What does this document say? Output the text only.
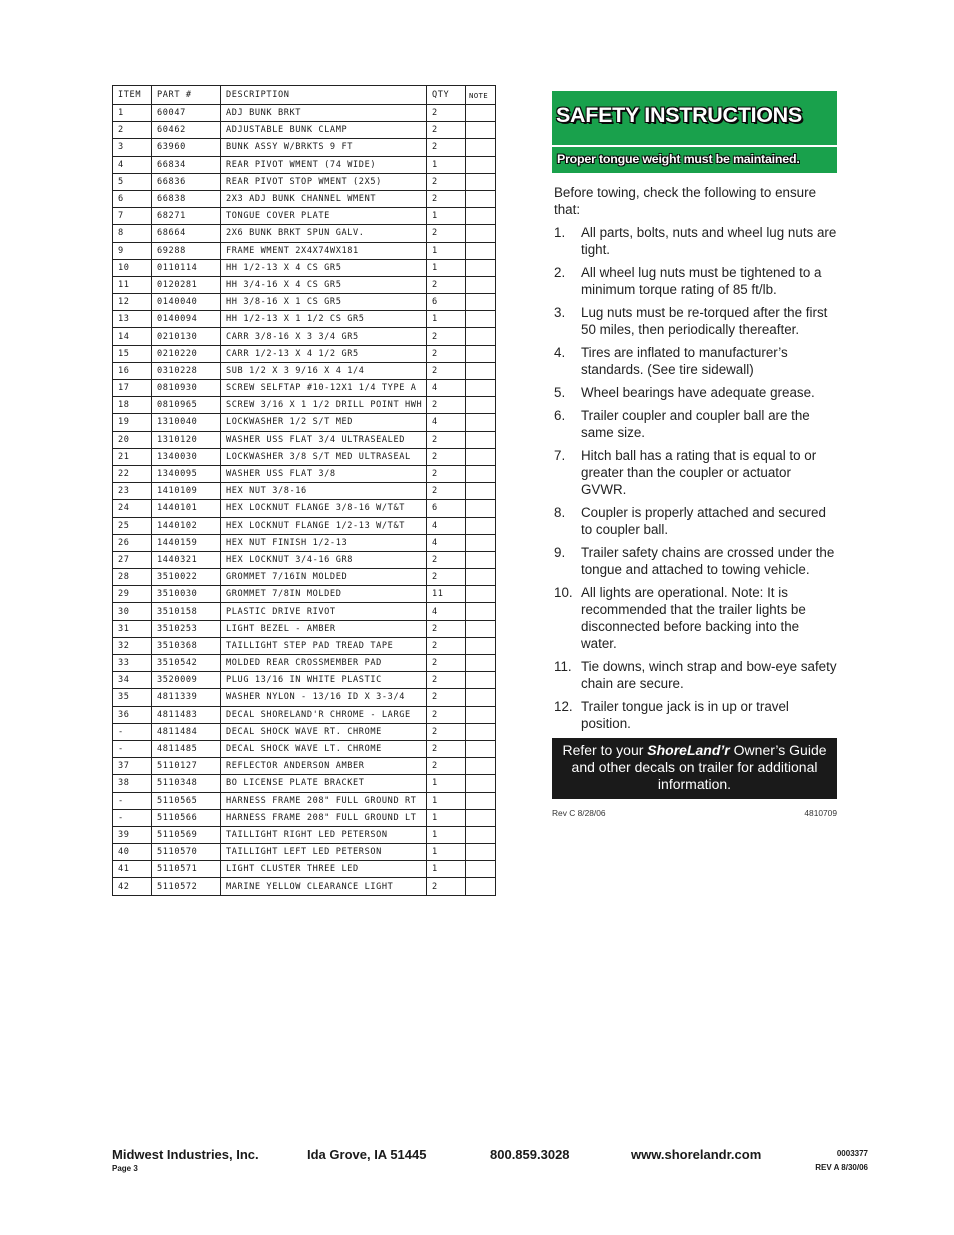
ITEM	PART #	DESCRIPTION	QTY	NOTE
1	60047	ADJ BUNK BRKT	2	
2	60462	ADJUSTABLE BUNK CLAMP	2	
3	63960	BUNK ASSY W/BRKTS 9 FT	2	
4	66834	REAR PIVOT WMENT (74 WIDE)	1	
5	66836	REAR PIVOT STOP WMENT (2X5)	2	
6	66838	2X3 ADJ BUNK CHANNEL WMENT	2	
7	68271	TONGUE COVER PLATE	1	
8	68664	2X6 BUNK BRKT SPUN GALV.	2	
9	69288	FRAME WMENT 2X4X74WX181	1	
10	0110114	HH 1/2-13 X 4 CS GR5	1	
11	0120281	HH 3/4-16 X 4 CS GR5	2	
12	0140040	HH 3/8-16 X 1 CS GR5	6	
13	0140094	HH 1/2-13 X 1 1/2 CS GR5	1	
14	0210130	CARR 3/8-16 X 3 3/4 GR5	2	
15	0210220	CARR 1/2-13 X 4 1/2 GR5	2	
16	0310228	SUB 1/2 X 3 9/16 X 4 1/4	2	
17	0810930	SCREW SELFTAP #10-12X1 1/4 TYPE A	4	
18	0810965	SCREW 3/16 X 1 1/2 DRILL POINT HWH	2	
19	1310040	LOCKWASHER 1/2 S/T MED	4	
20	1310120	WASHER USS FLAT 3/4 ULTRASEALED	2	
21	1340030	LOCKWASHER 3/8 S/T MED ULTRASEAL	2	
22	1340095	WASHER USS FLAT 3/8	2	
23	1410109	HEX NUT 3/8-16	2	
24	1440101	HEX LOCKNUT FLANGE 3/8-16 W/T&T	6	
25	1440102	HEX LOCKNUT FLANGE 1/2-13 W/T&T	4	
26	1440159	HEX NUT FINISH 1/2-13	4	
27	1440321	HEX LOCKNUT 3/4-16 GR8	2	
28	3510022	GROMMET 7/16IN MOLDED	2	
29	3510030	GROMMET 7/8IN MOLDED	11	
30	3510158	PLASTIC DRIVE RIVOT	4	
31	3510253	LIGHT BEZEL - AMBER	2	
32	3510368	TAILLIGHT STEP PAD TREAD TAPE	2	
33	3510542	MOLDED REAR CROSSMEMBER PAD	2	
34	3520009	PLUG 13/16 IN WHITE PLASTIC	2	
35	4811339	WASHER NYLON - 13/16 ID X 3-3/4	2	
36	4811483	DECAL SHORELAND'R CHROME - LARGE	2	
-	4811484	DECAL SHOCK WAVE RT. CHROME	2	
-	4811485	DECAL SHOCK WAVE LT. CHROME	2	
37	5110127	REFLECTOR ANDERSON AMBER	2	
38	5110348	BO LICENSE PLATE BRACKET	1	
-	5110565	HARNESS FRAME 208" FULL GROUND RT	1	
-	5110566	HARNESS FRAME 208" FULL GROUND LT	1	
39	5110569	TAILLIGHT RIGHT LED PETERSON	1	
40	5110570	TAILLIGHT LEFT LED PETERSON	1	
41	5110571	LIGHT CLUSTER THREE LED	1	
42	5110572	MARINE YELLOW CLEARANCE LIGHT	2	
SAFETY INSTRUCTIONS
Proper tongue weight must be maintained.
Before towing, check the following to ensure that:
1. All parts, bolts, nuts and wheel lug nuts are tight.
2. All wheel lug nuts must be tightened to a minimum torque rating of 85 ft/lb.
3. Lug nuts must be re-torqued after the first 50 miles, then periodically thereafter.
4. Tires are inflated to manufacturer’s standards. (See tire sidewall)
5. Wheel bearings have adequate grease.
6. Trailer coupler and coupler ball are the same size.
7. Hitch ball has a rating that is equal to or greater than the coupler or actuator GVWR.
8. Coupler is properly attached and secured to coupler ball.
9. Trailer safety chains are crossed under the tongue and attached to towing vehicle.
10. All lights are operational. Note: It is recommended that the trailer lights be disconnected before backing into the water.
11. Tie downs, winch strap and bow-eye safety chain are secure.
12. Trailer tongue jack is in up or travel position.
Refer to your ShoreLand’r Owner’s Guide and other decals on trailer for additional information.
Rev C 8/28/06	4810709
Midwest Industries, Inc.	Ida Grove, IA 51445	800.859.3028	www.shorelandr.com
Page 3
0003377
REV A 8/30/06
